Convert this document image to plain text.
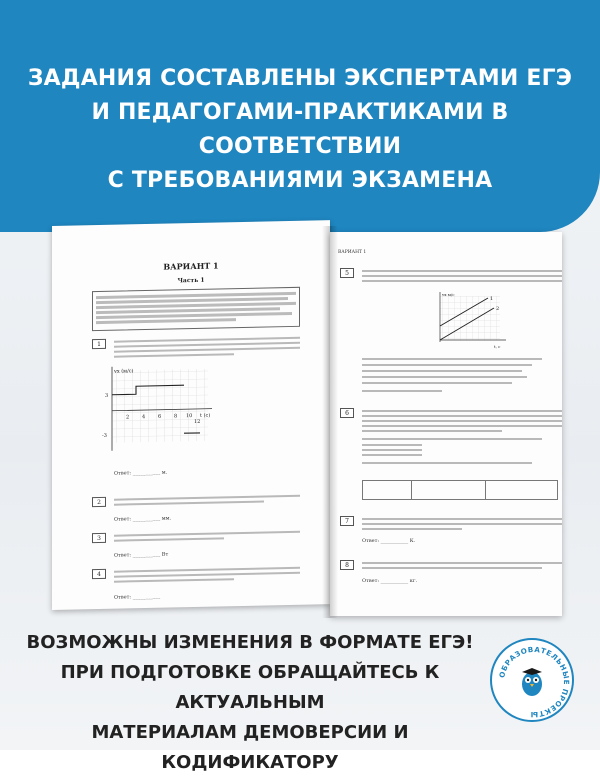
ЗАДАНИЯ СОСТАВЛЕНЫ ЭКСПЕРТАМИ ЕГЭ
И ПЕДАГОГАМИ-ПРАКТИКАМИ В СООТВЕТСТВИИ
С ТРЕБОВАНИЯМИ ЭКЗАМЕНА
ВАРИАНТ 1
Часть 1
1
vx (м/с)
t (с)
2	4	6	8 10
12
3
-3
Ответ: ___________ м.
2
Ответ: ___________ мм.
3
Ответ: ___________ Вт
4
Ответ: ___________
ВАРИАНТ 1
5
1
2
vx м/с
t, с
6
7
Ответ: ___________ К.
8
Ответ: ___________ кг.
ВОЗМОЖНЫ ИЗМЕНЕНИЯ В ФОРМАТЕ ЕГЭ!
ПРИ ПОДГОТОВКЕ ОБРАЩАЙТЕСЬ К АКТУАЛЬНЫМ
МАТЕРИАЛАМ ДЕМОВЕРСИИ И КОДИФИКАТОРУ
ОБРАЗОВАТЕЛЬНЫЕ ПРОЕКТЫ
